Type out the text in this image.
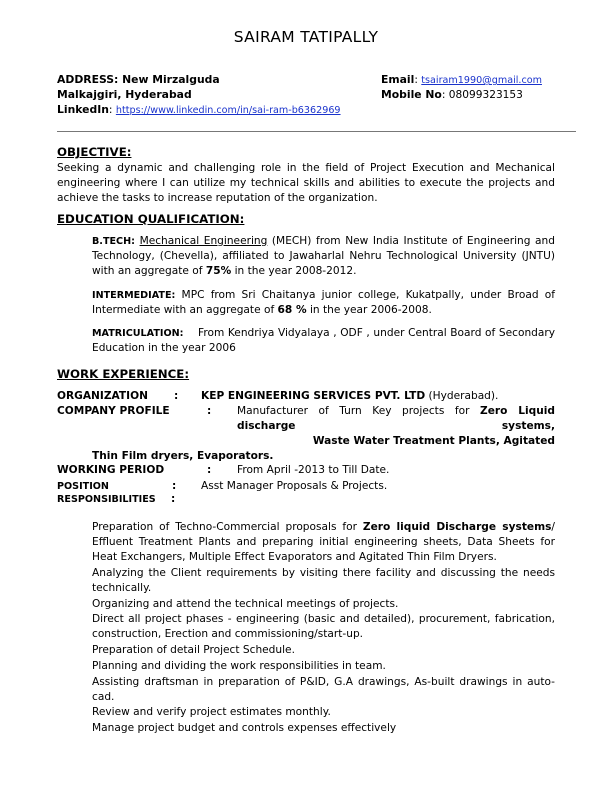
SAIRAM TATIPALLY
ADDRESS: New Mirzalguda
Malkajgiri, Hyderabad
LinkedIn: https://www.linkedin.com/in/sai-ram-b6362969
Email: tsairam1990@gmail.com
Mobile No: 08099323153
OBJECTIVE:
Seeking a dynamic and challenging role in the field of Project Execution and Mechanical engineering where I can utilize my technical skills and abilities to execute the projects and achieve the tasks to increase reputation of the organization.
EDUCATION QUALIFICATION:
B.TECH: Mechanical Engineering (MECH) from New India Institute of Engineering and Technology, (Chevella), affiliated to Jawaharlal Nehru Technological University (JNTU) with an aggregate of 75% in the year 2008-2012.
INTERMEDIATE: MPC from Sri Chaitanya junior college, Kukatpally, under Broad of Intermediate with an aggregate of 68 % in the year 2006-2008.
MATRICULATION:    From Kendriya Vidyalaya , ODF , under Central Board of Secondary Education in the year 2006
WORK EXPERIENCE:
ORGANIZATION : KEP ENGINEERING SERVICES PVT. LTD (Hyderabad).
COMPANY PROFILE	: Manufacturer of Turn Key projects for Zero Liquid discharge systems,
Waste Water Treatment Plants, Agitated
Thin Film dryers, Evaporators.
WORKING PERIOD	: From April -2013 to Till Date.
POSITION	: Asst Manager Proposals & Projects.
RESPONSIBILITIES :
Preparation of Techno-Commercial proposals for Zero liquid Discharge systems/ Effluent Treatment Plants and preparing initial engineering sheets, Data Sheets for Heat Exchangers, Multiple Effect Evaporators and Agitated Thin Film Dryers.
Analyzing the Client requirements by visiting there facility and discussing the needs technically.
Organizing and attend the technical meetings of projects.
Direct all project phases - engineering (basic and detailed), procurement, fabrication, construction, Erection and commissioning/start-up.
Preparation of detail Project Schedule.
Planning and dividing the work responsibilities in team.
Assisting draftsman in preparation of P&ID, G.A drawings, As-built drawings in auto-cad.
Review and verify project estimates monthly.
Manage project budget and controls expenses effectively
